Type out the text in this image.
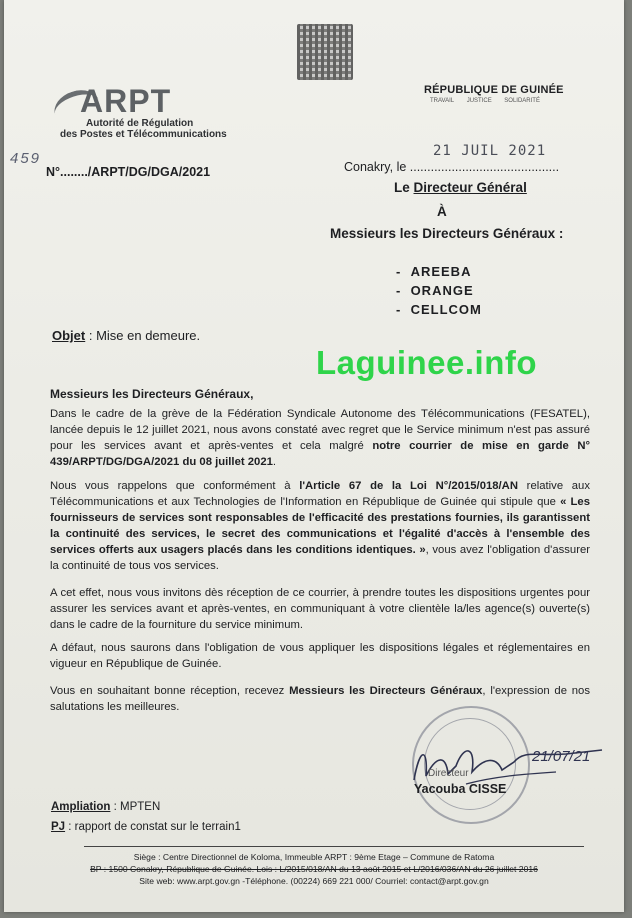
ARPT
Autorité de Régulation
des Postes et Télécommunications
RÉPUBLIQUE DE GUINÉE
TRAVAIL JUSTICE SOLIDARITÉ
459
N°......../ARPT/DG/DGA/2021
21 JUIL 2021
Conakry, le ...........................................
Le Directeur Général
À
Messieurs les Directeurs Généraux :
-  AREEBA
-  ORANGE
-  CELLCOM
Objet : Mise en demeure.
Laguinee.info
Messieurs les Directeurs Généraux,
Dans le cadre de la grève de la Fédération Syndicale Autonome des Télécommunications (FESATEL), lancée depuis le 12 juillet 2021, nous avons constaté avec regret que le Service minimum n'est pas assuré pour les services avant et après-ventes et cela malgré notre courrier de mise en garde N° 439/ARPT/DG/DGA/2021 du 08 juillet 2021.
Nous vous rappelons que conformément à l'Article 67 de la Loi N°/2015/018/AN relative aux Télécommunications et aux Technologies de l'Information en République de Guinée qui stipule que « Les fournisseurs de services sont responsables de l'efficacité des prestations fournies, ils garantissent la continuité des services, le secret des communications et l'égalité d'accès à l'ensemble des services offerts aux usagers placés dans les conditions identiques. », vous avez l'obligation d'assurer la continuité de tous vos services.
A cet effet, nous vous invitons dès réception de ce courrier, à prendre toutes les dispositions urgentes pour assurer les services avant et après-ventes, en communiquant à votre clientèle la/les agence(s) ouverte(s) dans le cadre de la fourniture du service minimum.
A défaut, nous saurons dans l'obligation de vous appliquer les dispositions légales et réglementaires en vigueur en République de Guinée.
Vous en souhaitant bonne réception, recevez Messieurs les Directeurs Généraux, l'expression de nos salutations les meilleures.
21/07/21
Directeur
Yacouba CISSE
Ampliation : MPTEN
PJ : rapport de constat sur le terrain1
Siège : Centre Directionnel de Koloma, Immeuble ARPT : 9ème Etage – Commune de Ratoma
BP : 1500 Conakry, République de Guinée. Lois : L/2015/018/AN du 13 août 2015 et L/2016/036/AN du 26 juillet 2016
Site web: www.arpt.gov.gn -Téléphone. (00224) 669 221 000/ Courriel: contact@arpt.gov.gn
